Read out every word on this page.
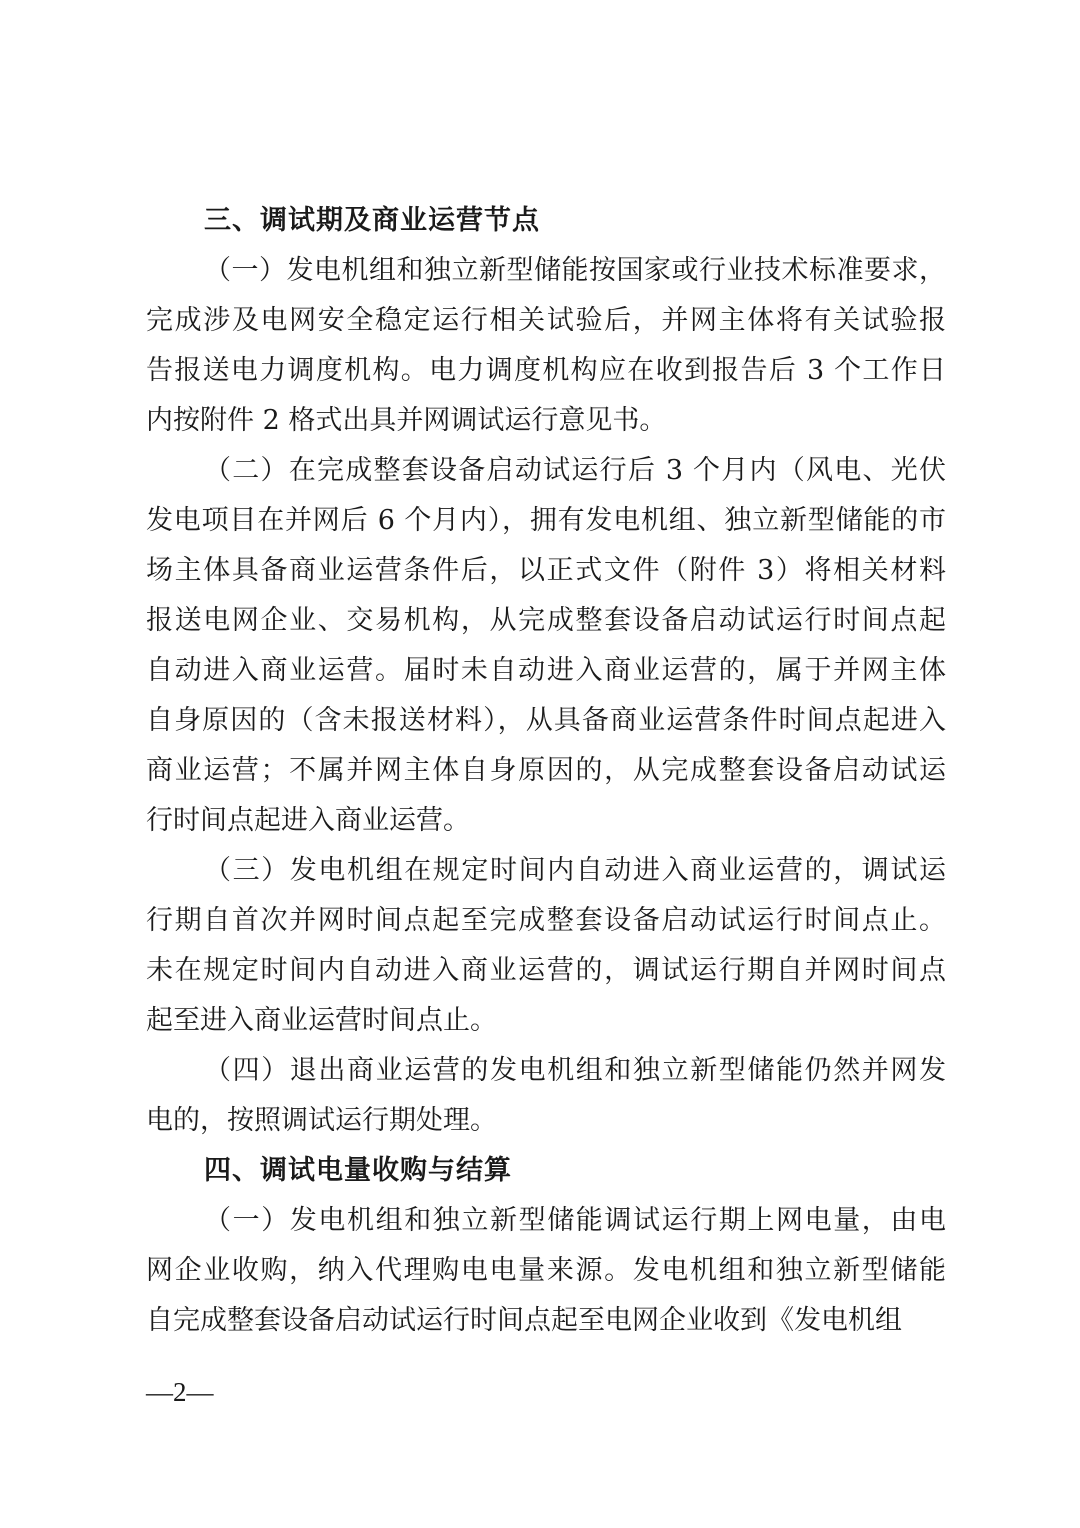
三、调试期及商业运营节点
（一）发电机组和独立新型储能按国家或行业技术标准要求，
完成涉及电网安全稳定运行相关试验后，并网主体将有关试验报
告报送电力调度机构。电力调度机构应在收到报告后 3 个工作日
内按附件 2 格式出具并网调试运行意见书。
（二）在完成整套设备启动试运行后 3 个月内（风电、光伏
发电项目在并网后 6 个月内），拥有发电机组、独立新型储能的市
场主体具备商业运营条件后，以正式文件（附件 3）将相关材料
报送电网企业、交易机构，从完成整套设备启动试运行时间点起
自动进入商业运营。届时未自动进入商业运营的，属于并网主体
自身原因的（含未报送材料），从具备商业运营条件时间点起进入
商业运营；不属并网主体自身原因的，从完成整套设备启动试运
行时间点起进入商业运营。
（三）发电机组在规定时间内自动进入商业运营的，调试运
行期自首次并网时间点起至完成整套设备启动试运行时间点止。
未在规定时间内自动进入商业运营的，调试运行期自并网时间点
起至进入商业运营时间点止。
（四）退出商业运营的发电机组和独立新型储能仍然并网发
电的，按照调试运行期处理。
四、调试电量收购与结算
（一）发电机组和独立新型储能调试运行期上网电量，由电
网企业收购，纳入代理购电电量来源。发电机组和独立新型储能
自完成整套设备启动试运行时间点起至电网企业收到《发电机组
—2—
